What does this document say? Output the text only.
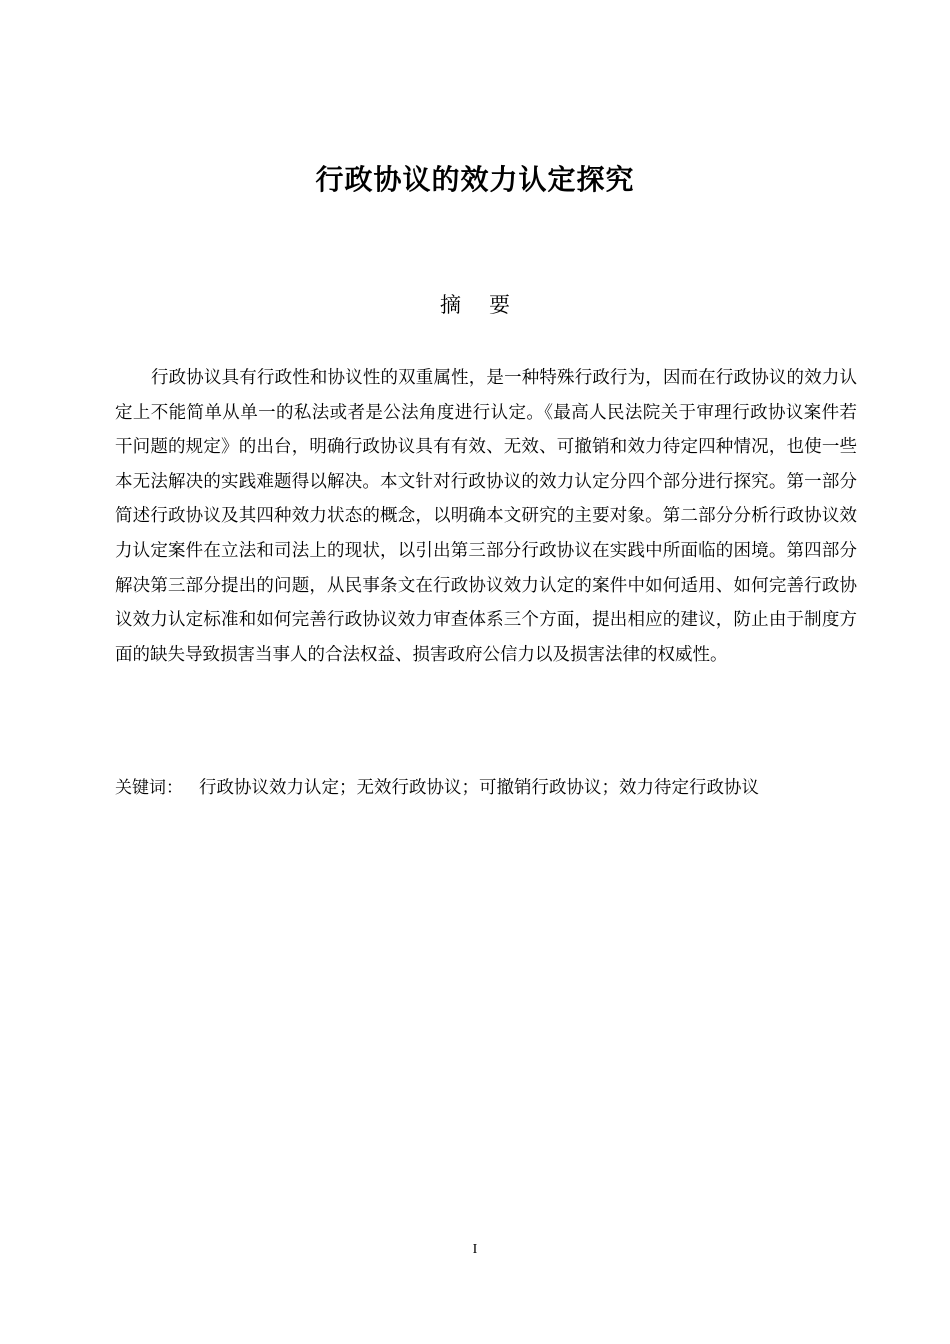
行政协议的效力认定探究
摘 要

行政协议具有行政性和协议性的双重属性，是一种特殊行政行为，因而在行政协议的效力认定上不能简单从单一的私法或者是公法角度进行认定。《最高人民法院关于审理行政协议案件若干问题的规定》的出台，明确行政协议具有有效、无效、可撤销和效力待定四种情况，也使一些本无法解决的实践难题得以解决。本文针对行政协议的效力认定分四个部分进行探究。第一部分简述行政协议及其四种效力状态的概念，以明确本文研究的主要对象。第二部分分析行政协议效力认定案件在立法和司法上的现状，以引出第三部分行政协议在实践中所面临的困境。第四部分解决第三部分提出的问题，从民事条文在行政协议效力认定的案件中如何适用、如何完善行政协议效力认定标准和如何完善行政协议效力审查体系三个方面，提出相应的建议，防止由于制度方面的缺失导致损害当事人的合法权益、损害政府公信力以及损害法律的权威性。

关键词： 行政协议效力认定；无效行政协议；可撤销行政协议；效力待定行政协议
I
